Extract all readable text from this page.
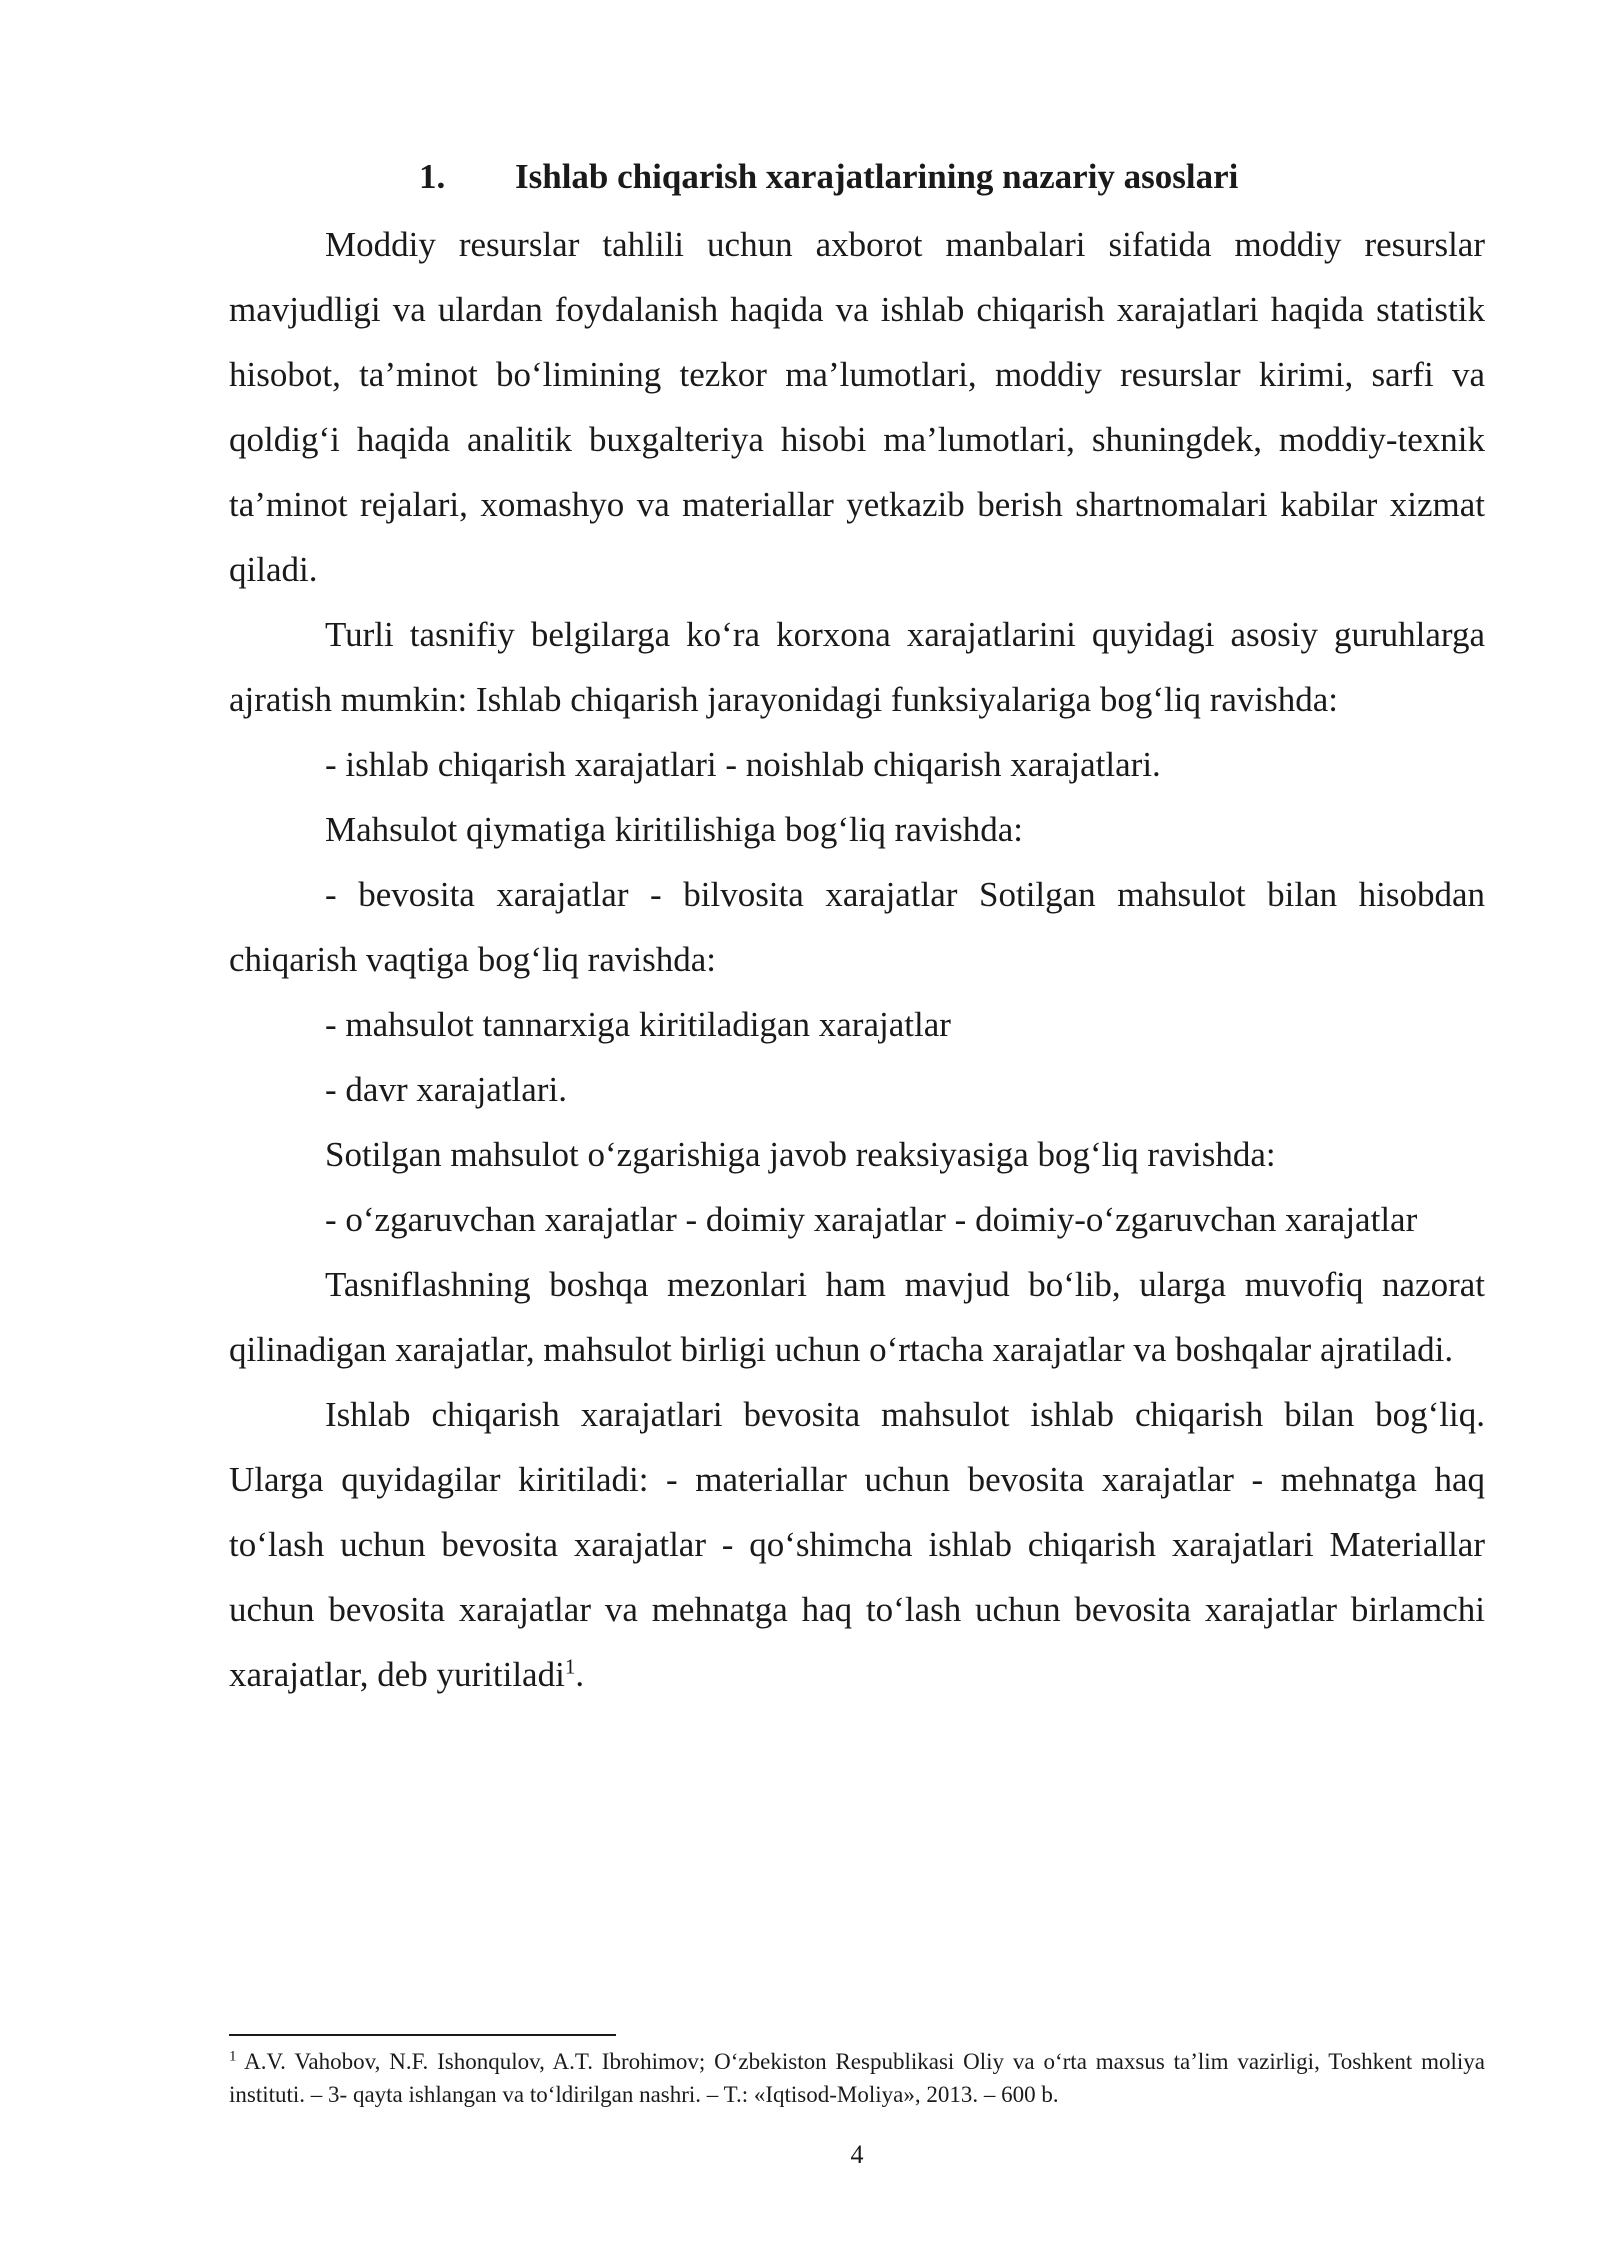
1.	Ishlab chiqarish xarajatlarining nazariy asoslari

Moddiy resurslar tahlili uchun axborot manbalari sifatida moddiy resurslar mavjudligi va ulardan foydalanish haqida va ishlab chiqarish xarajatlari haqida statistik hisobot, ta’minot bo‘limining tezkor ma’lumotlari, moddiy resurslar kirimi, sarfi va qoldig‘i haqida analitik buxgalteriya hisobi ma’lumotlari, shuningdek, moddiy-texnik ta’minot rejalari, xomashyo va materiallar yetkazib berish shartnomalari kabilar xizmat qiladi.

Turli tasnifiy belgilarga ko‘ra korxona xarajatlarini quyidagi asosiy guruhlarga ajratish mumkin: Ishlab chiqarish jarayonidagi funksiyalariga bog‘liq ravishda:

- ishlab chiqarish xarajatlari - noishlab chiqarish xarajatlari.

Mahsulot qiymatiga kiritilishiga bog‘liq ravishda:

- bevosita xarajatlar - bilvosita xarajatlar Sotilgan mahsulot bilan hisobdan chiqarish vaqtiga bog‘liq ravishda:

- mahsulot tannarxiga kiritiladigan xarajatlar

- davr xarajatlari.

Sotilgan mahsulot o‘zgarishiga javob reaksiyasiga bog‘liq ravishda:

- o‘zgaruvchan xarajatlar - doimiy xarajatlar - doimiy-o‘zgaruvchan xarajatlar

Tasniflashning boshqa mezonlari ham mavjud bo‘lib, ularga muvofiq nazorat qilinadigan xarajatlar, mahsulot birligi uchun o‘rtacha xarajatlar va boshqalar ajratiladi.

Ishlab chiqarish xarajatlari bevosita mahsulot ishlab chiqarish bilan bog‘liq. Ularga quyidagilar kiritiladi: - materiallar uchun bevosita xarajatlar - mehnatga haq to‘lash uchun bevosita xarajatlar - qo‘shimcha ishlab chiqarish xarajatlari Materiallar uchun bevosita xarajatlar va mehnatga haq to‘lash uchun bevosita xarajatlar birlamchi xarajatlar, deb yuritiladi$^1$.

$^1$ A.V. Vahobov, N.F. Ishonqulov, A.T. Ibrohimov; O‘zbekiston Respublikasi Oliy va o‘rta maxsus ta’lim vazirligi, Toshkent moliya instituti. – 3- qayta ishlangan va to‘ldirilgan nashri. – T.: «Iqtisod-Moliya», 2013. – 600 b.
4
